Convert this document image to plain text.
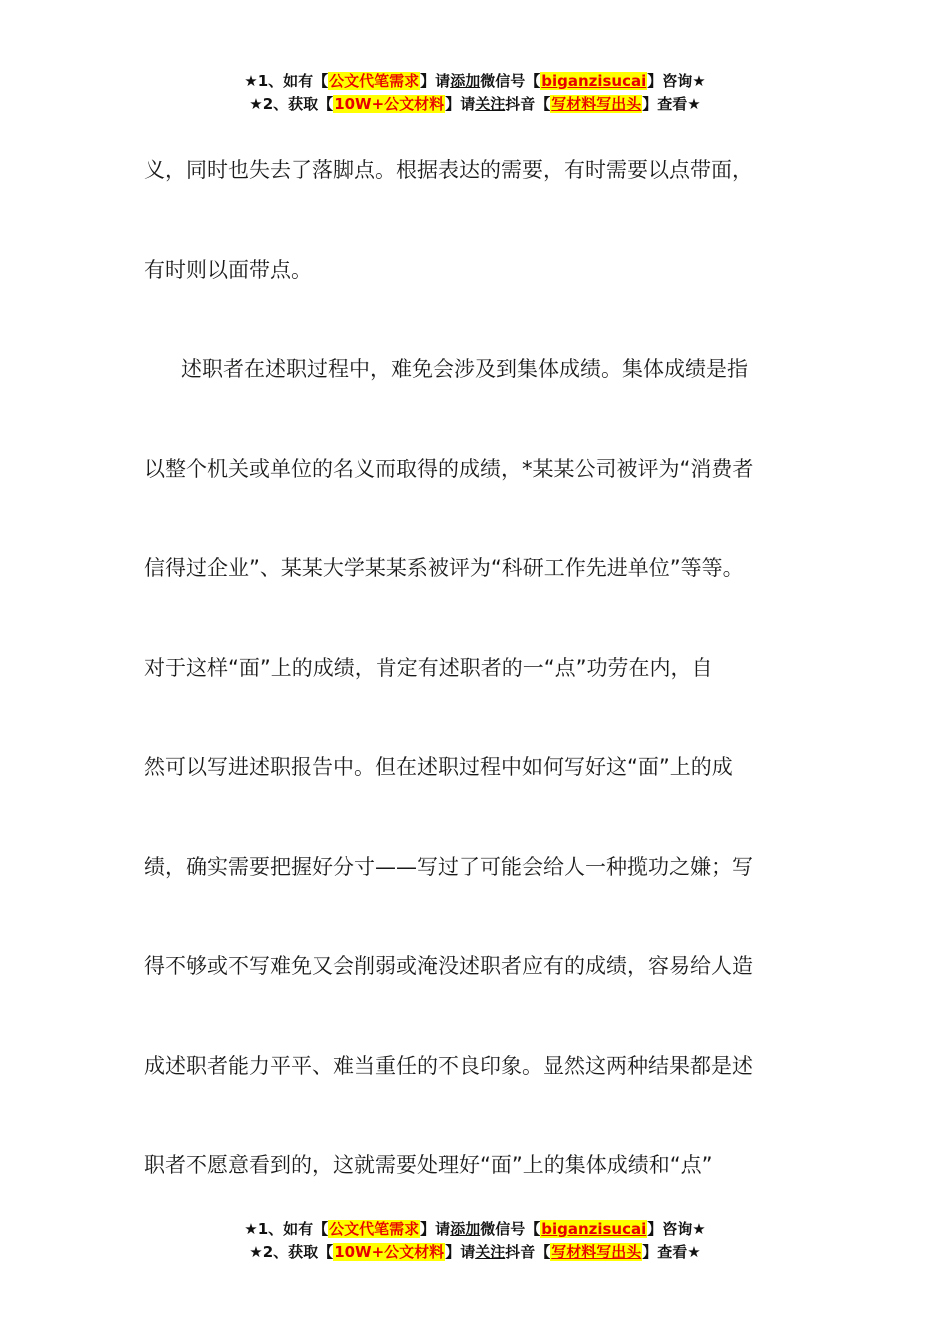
★1、如有【公文代笔需求】请添加微信号【biganzisucai】咨询★
★2、获取【10W+公文材料】请关注抖音【写材料写出头】查看★
义，同时也失去了落脚点。根据表达的需要，有时需要以点带面，
有时则以面带点。
述职者在述职过程中，难免会涉及到集体成绩。集体成绩是指
以整个机关或单位的名义而取得的成绩，*某某公司被评为“消费者
信得过企业”、某某大学某某系被评为“科研工作先进单位”等等。
对于这样“面”上的成绩，肯定有述职者的一“点”功劳在内，自
然可以写进述职报告中。但在述职过程中如何写好这“面”上的成
绩，确实需要把握好分寸——写过了可能会给人一种揽功之嫌；写
得不够或不写难免又会削弱或淹没述职者应有的成绩，容易给人造
成述职者能力平平、难当重任的不良印象。显然这两种结果都是述
职者不愿意看到的，这就需要处理好“面”上的集体成绩和“点”
★1、如有【公文代笔需求】请添加微信号【biganzisucai】咨询★
★2、获取【10W+公文材料】请关注抖音【写材料写出头】查看★
